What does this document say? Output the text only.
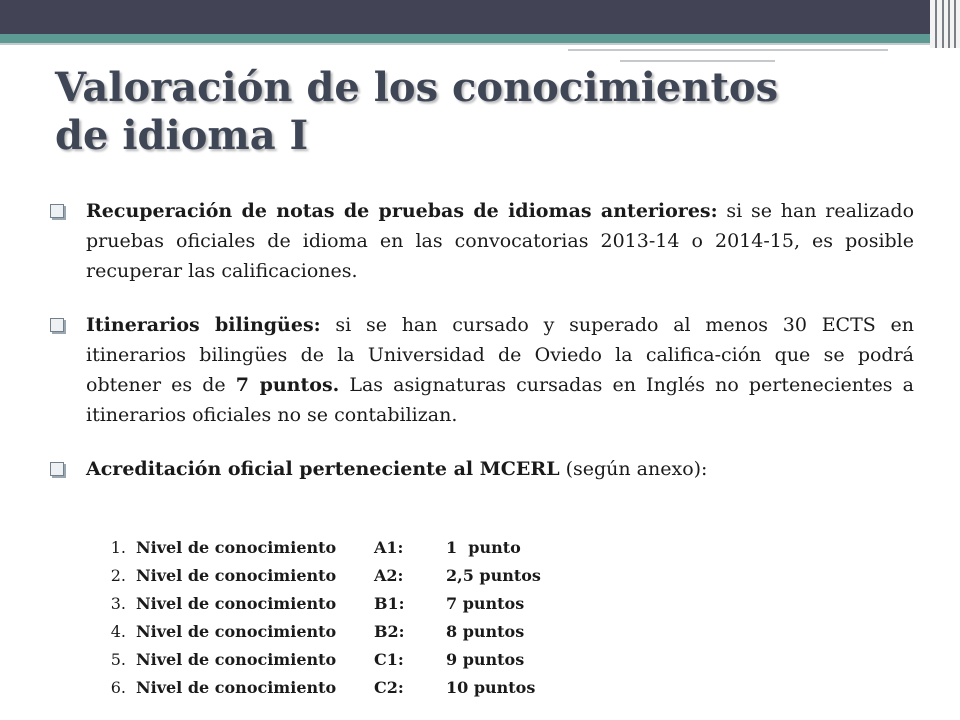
Valoración de los conocimientos
de idioma I
Recuperación de notas de pruebas de idiomas anteriores: si se han realizado pruebas oficiales de idioma en las convocatorias 2013-14 o 2014-15, es posible recuperar las calificaciones.
Itinerarios bilingües: si se han cursado y superado al menos 30 ECTS en itinerarios bilingües de la Universidad de Oviedo la califica-ción que se podrá obtener es de 7 puntos. Las asignaturas cursadas en Inglés no pertenecientes a itinerarios oficiales no se contabilizan.
Acreditación oficial perteneciente al MCERL (según anexo):
1. Nivel de conocimiento	A1:	1  punto
2. Nivel de conocimiento	A2:	2,5 puntos
3. Nivel de conocimiento	B1:	7 puntos
4. Nivel de conocimiento	B2:	8 puntos
5. Nivel de conocimiento	C1:	9 puntos
6. Nivel de conocimiento	C2:	10 puntos
